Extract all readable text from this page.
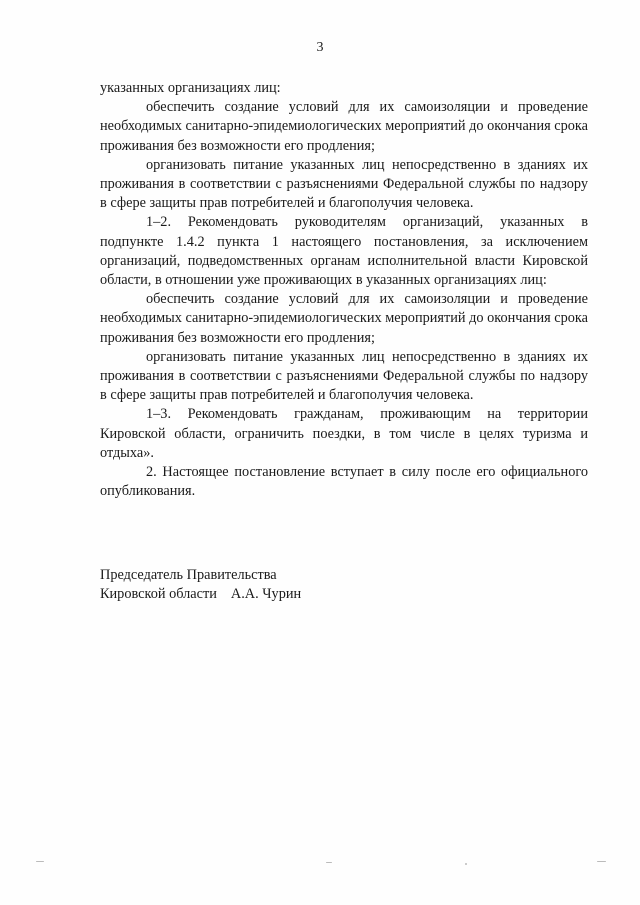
3

указанных организациях лиц:

обеспечить создание условий для их самоизоляции и проведение необходимых санитарно-эпидемиологических мероприятий до окончания срока проживания без возможности его продления;

организовать питание указанных лиц непосредственно в зданиях их проживания в соответствии с разъяснениями Федеральной службы по надзору в сфере защиты прав потребителей и благополучия человека.

1–2. Рекомендовать руководителям организаций, указанных в подпункте 1.4.2 пункта 1 настоящего постановления, за исключением организаций, подведомственных органам исполнительной власти Кировской области, в отношении уже проживающих в указанных организациях лиц:

обеспечить создание условий для их самоизоляции и проведение необходимых санитарно-эпидемиологических мероприятий до окончания срока проживания без возможности его продления;

организовать питание указанных лиц непосредственно в зданиях их проживания в соответствии с разъяснениями Федеральной службы по надзору в сфере защиты прав потребителей и благополучия человека.

1–3. Рекомендовать гражданам, проживающим на территории Кировской области, ограничить поездки, в том числе в целях туризма и отдыха».

2. Настоящее постановление вступает в силу после его официального опубликования.

Председатель Правительства
Кировской области А.А. Чурин
